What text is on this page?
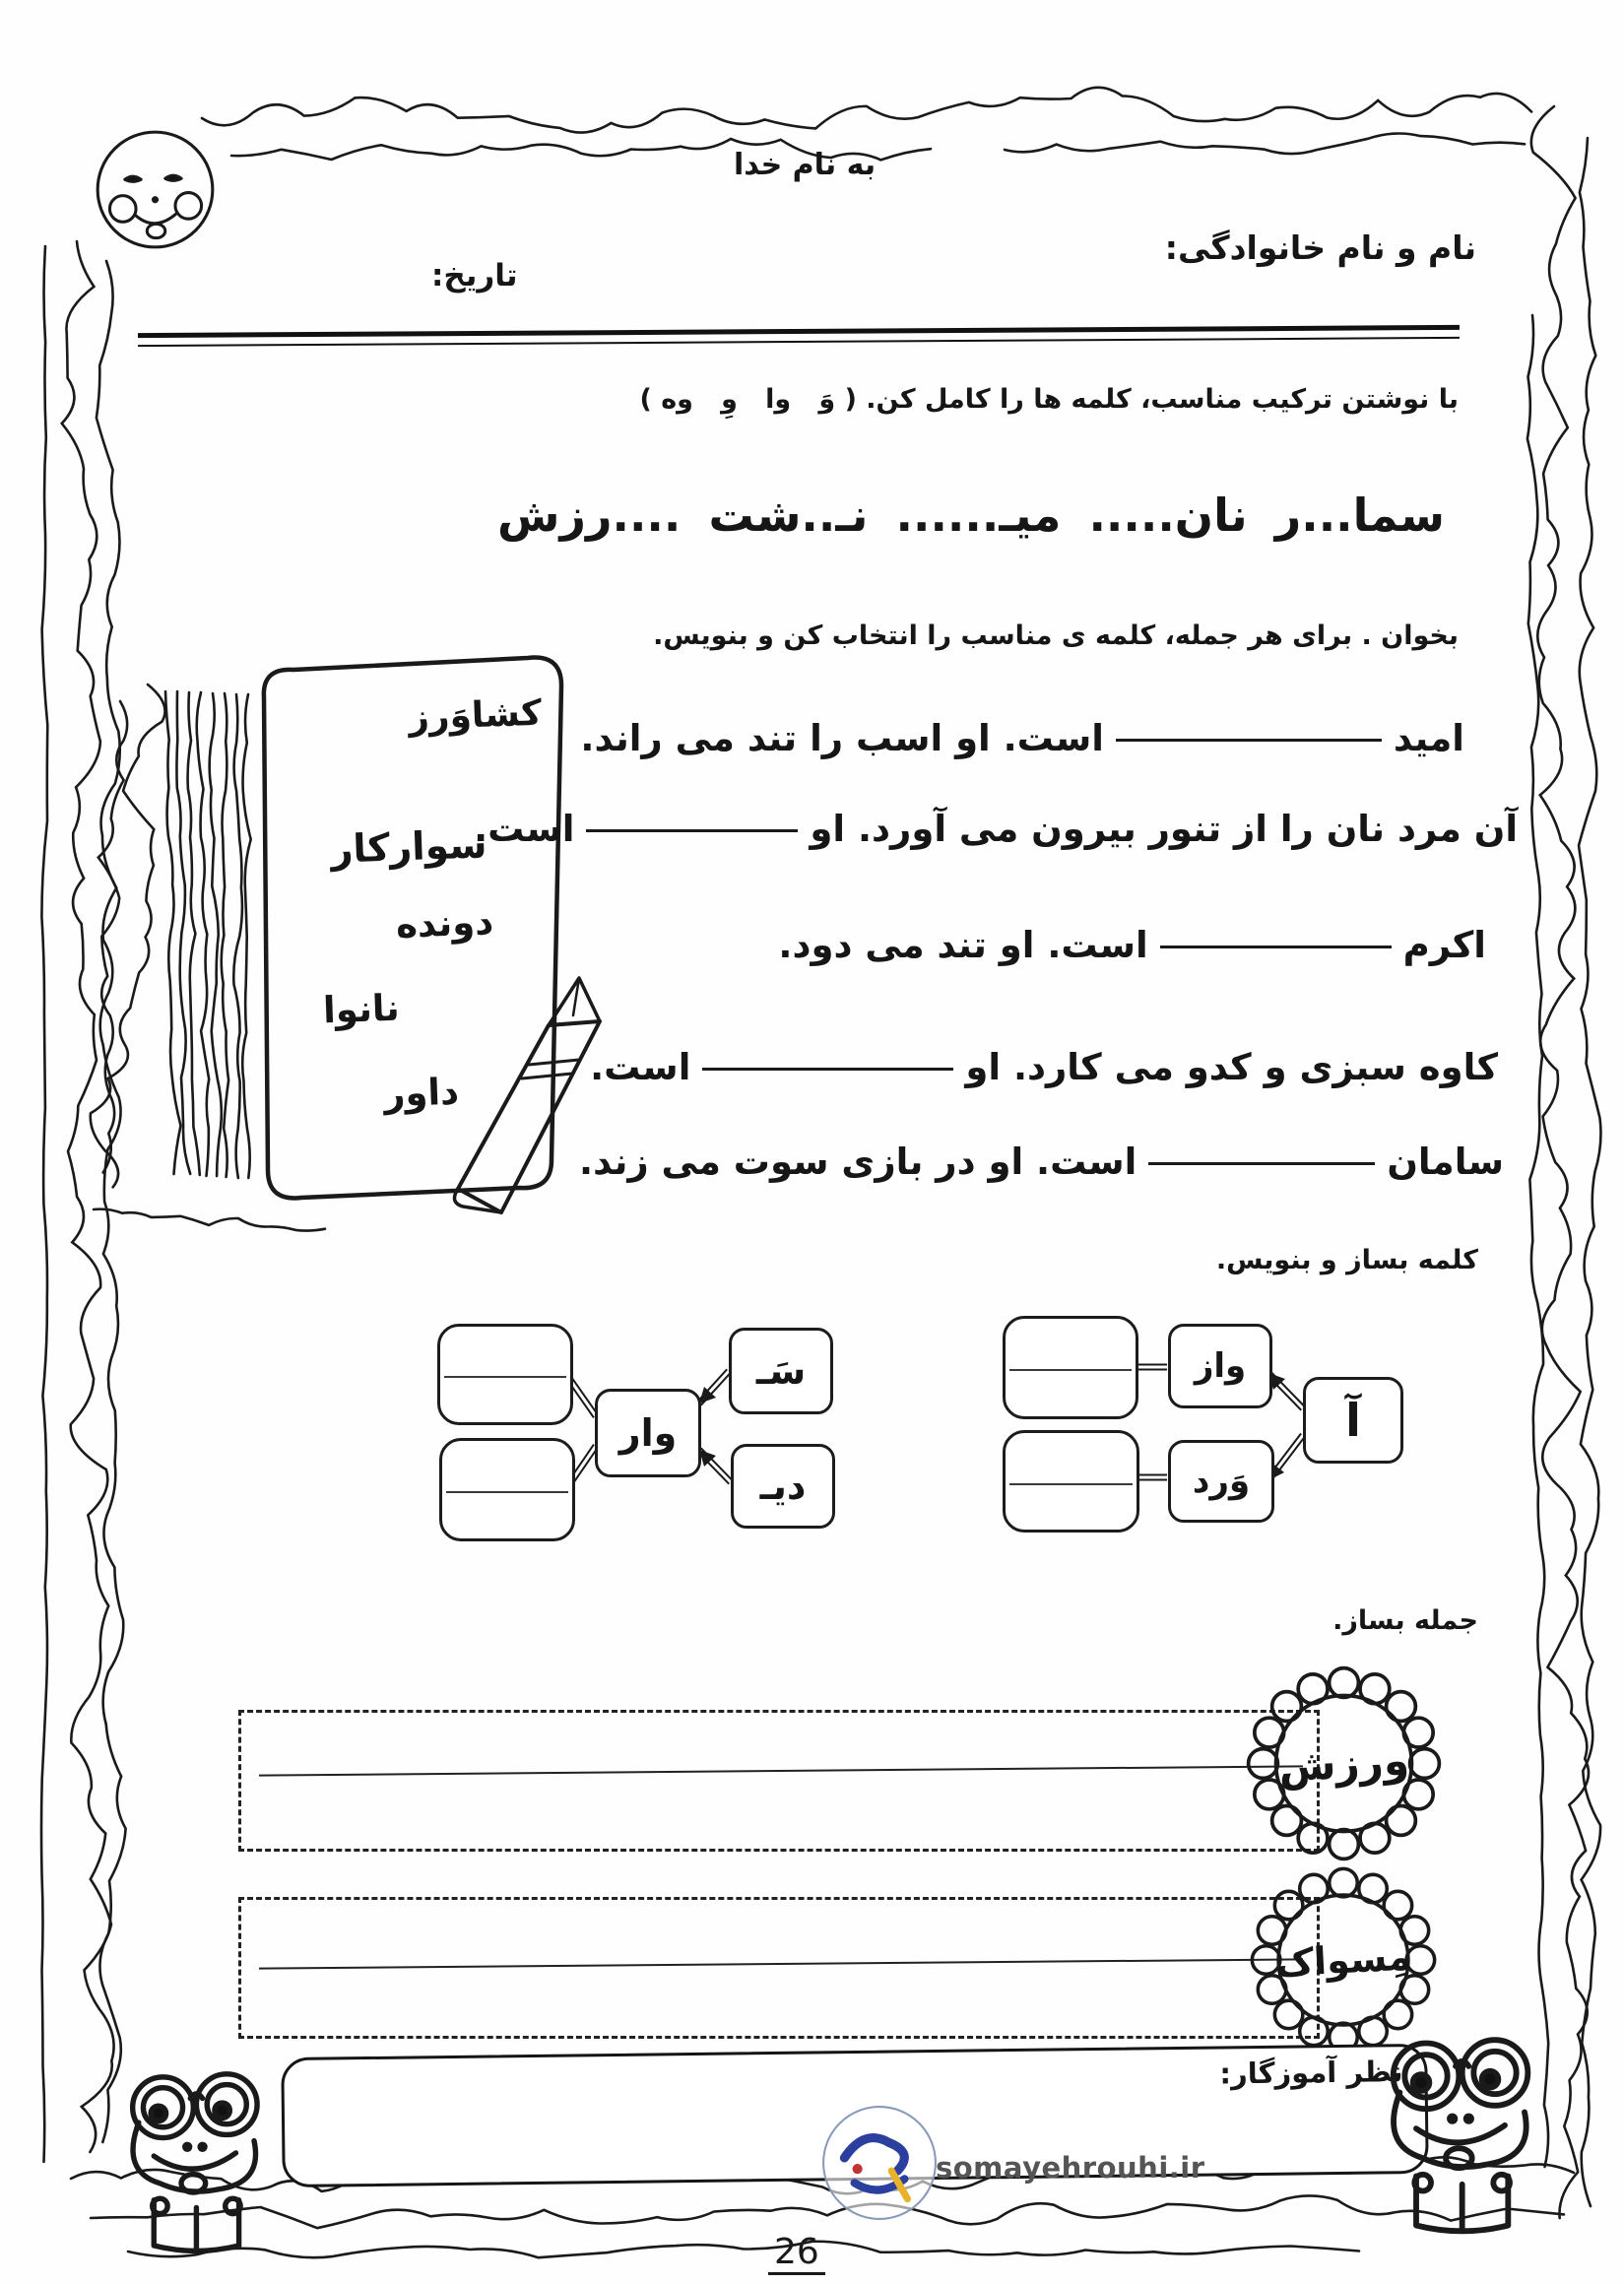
به نام خدا
نام و نام خانوادگی:
تاریخ:
با نوشتن ترکیب مناسب، کلمه ها را کامل کن. ( وَ   وا   وِ   وه )
سما...ر
نان.....
میـ......
نـ..شت
....رزش
بخوان . برای هر جمله، کلمه ی مناسب را انتخاب کن و بنویس.
کشاوَرز
سوارکار
دونده
نانوا
داور
امیداست. او اسب را تند می راند.
آن مرد نان را از تنور بیرون می آورد. اواست.
اکرماست. او تند می دود.
کاوه سبزی و کدو می کارد. اواست.
ساماناست. او در بازی سوت می زند.
کلمه بساز و بنویس.
آ
واز
وَرد
وار
سَـ
دیـ
جمله بساز.
ورزش
مِسواک
نظر آموزگار:
somayehrouhi.ir
26
